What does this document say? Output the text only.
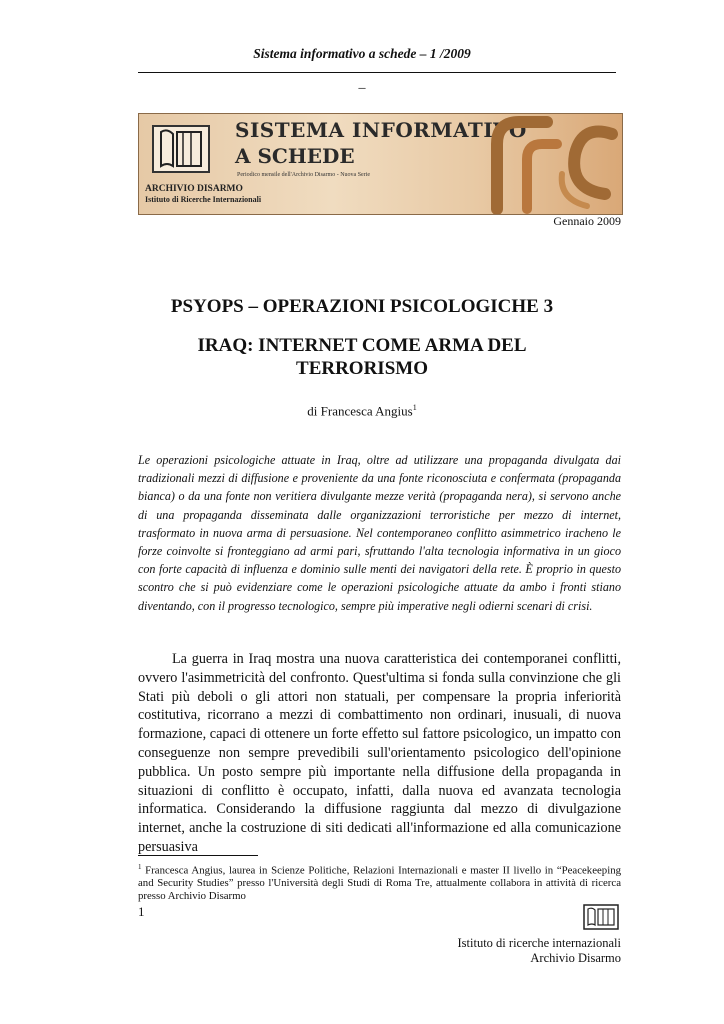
Sistema informativo a schede – 1 /2009
_
SISTEMA INFORMATIVO
A SCHEDE
Periodico mensile dell'Archivio Disarmo - Nuova Serie
ARCHIVIO DISARMO
Istituto di Ricerche Internazionali
Gennaio 2009
PSYOPS – OPERAZIONI PSICOLOGICHE 3
IRAQ: INTERNET COME ARMA DEL
TERRORISMO
di Francesca Angius$^1$
Le operazioni psicologiche attuate in Iraq, oltre ad utilizzare una propaganda divulgata dai tradizionali mezzi di diffusione e proveniente da una fonte riconosciuta e confermata (propaganda bianca) o da una fonte non veritiera divulgante mezze verità (propaganda nera), si servono anche di una propaganda disseminata dalle organizzazioni terroristiche per mezzo di internet, trasformato in nuova arma di persuasione. Nel contemporaneo conflitto asimmetrico iracheno le forze coinvolte si fronteggiano ad armi pari, sfruttando l'alta tecnologia informativa in un gioco con forte capacità di influenza e dominio sulle menti dei navigatori della rete. È proprio in questo scontro che si può evidenziare come le operazioni psicologiche attuate da ambo i fronti stiano diventando, con il progresso tecnologico, sempre più imperative negli odierni scenari di crisi.
La guerra in Iraq mostra una nuova caratteristica dei contemporanei conflitti, ovvero l'asimmetricità del confronto. Quest'ultima si fonda sulla convinzione che gli Stati più deboli o gli attori non statuali, per compensare la propria inferiorità costitutiva, ricorrano a mezzi di combattimento non ordinari, inusuali, di nuova formazione, capaci di ottenere un forte effetto sul fattore psicologico, un impatto con conseguenze non sempre prevedibili sull'orientamento psicologico dell'opinione pubblica. Un posto sempre più importante nella diffusione della propaganda in situazioni di conflitto è occupato, infatti, dalla nuova ed avanzata tecnologia informatica. Considerando la diffusione raggiunta dal mezzo di divulgazione internet, anche la costruzione di siti dedicati all'informazione ed alla comunicazione persuasiva
$^1$ Francesca Angius, laurea in Scienze Politiche, Relazioni Internazionali e master II livello in “Peacekeeping and Security Studies” presso l'Università degli Studi di Roma Tre, attualmente collabora in attività di ricerca presso Archivio Disarmo
1
Istituto di ricerche internazionali
Archivio Disarmo
